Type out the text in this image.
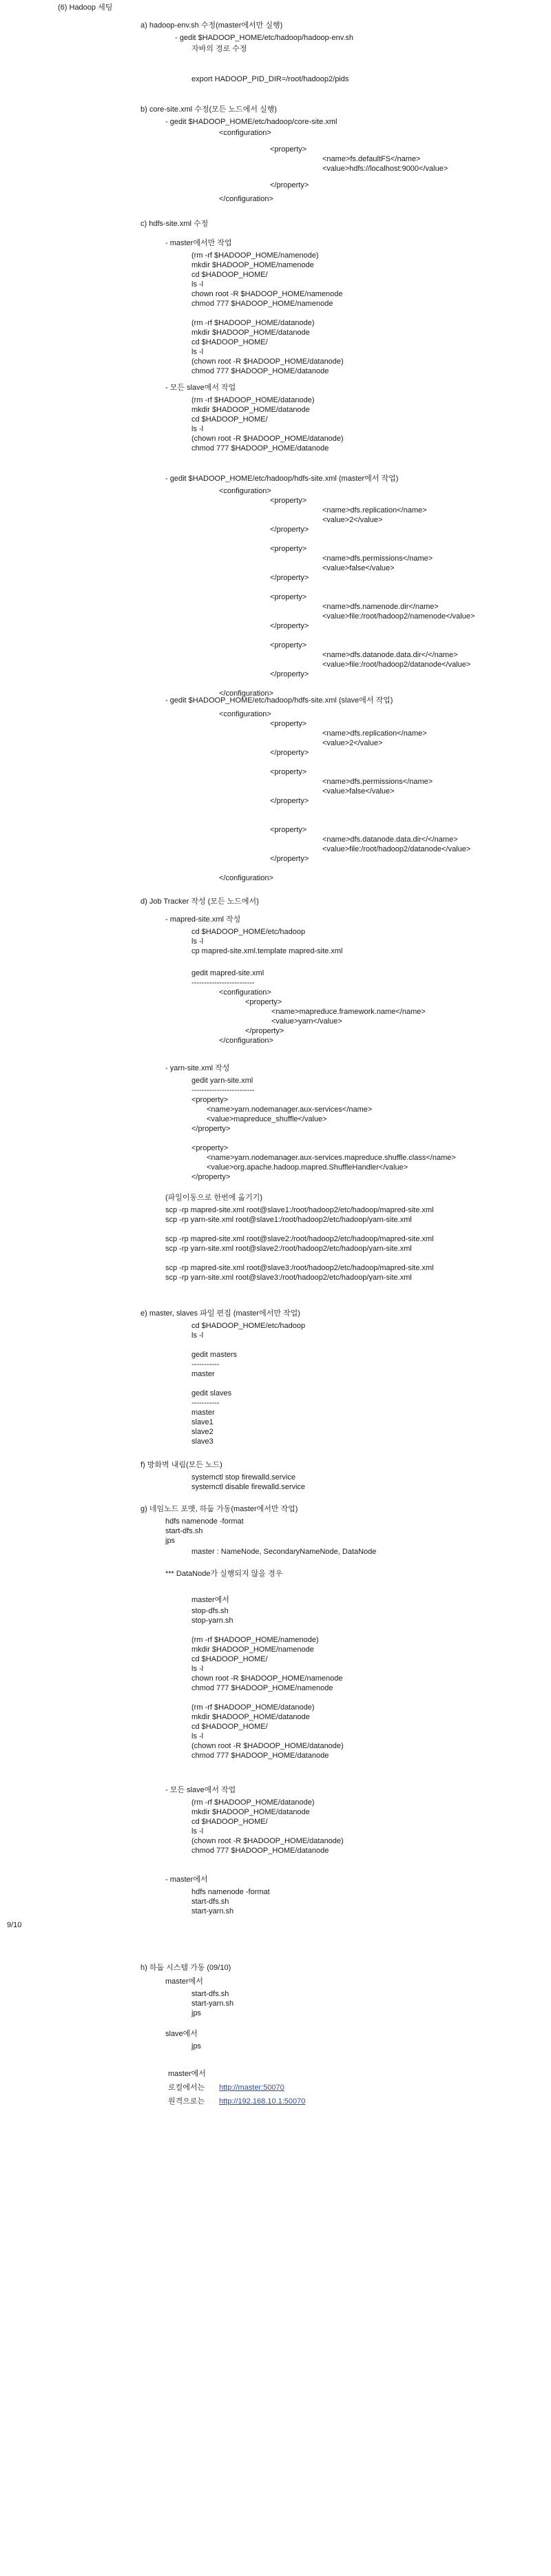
(6) Hadoop 세팅
a) hadoop-env.sh 수정(master에서만 실행)
- gedit $HADOOP_HOME/etc/hadoop/hadoop-env.sh
자바의 경로 수정
export HADOOP_PID_DIR=/root/hadoop2/pids
b) core-site.xml 수정(모든 노드에서 실행)
- gedit $HADOOP_HOME/etc/hadoop/core-site.xml
<configuration>
<property>
<name>fs.defaultFS</name>
<value>hdfs://localhost:9000</value>
</property>
</configuration>
c) hdfs-site.xml 수정
- master에서만 작업
(rm -rf $HADOOP_HOME/namenode)
mkdir $HADOOP_HOME/namenode
cd $HADOOP_HOME/
ls -l
chown root -R $HADOOP_HOME/namenode
chmod 777 $HADOOP_HOME/namenode
(rm -rf $HADOOP_HOME/datanode)
mkdir $HADOOP_HOME/datanode
cd $HADOOP_HOME/
ls -l
(chown root -R $HADOOP_HOME/datanode)
chmod 777 $HADOOP_HOME/datanode
- 모든 slave에서 작업
(rm -rf $HADOOP_HOME/datanode)
mkdir $HADOOP_HOME/datanode
cd $HADOOP_HOME/
ls -l
(chown root -R $HADOOP_HOME/datanode)
chmod 777 $HADOOP_HOME/datanode
- gedit $HADOOP_HOME/etc/hadoop/hdfs-site.xml (master에서 작업)
<configuration>
<property>
<name>dfs.replication</name>
<value>2</value>
</property>
<property>
<name>dfs.permissions</name>
<value>false</value>
</property>
<property>
<name>dfs.namenode.dir</name>
<value>file:/root/hadoop2/namenode</value>
</property>
<property>
<name>dfs.datanode.data.dir</</name>
<value>file:/root/hadoop2/datanode</value>
</property>
</configuration>
- gedit $HADOOP_HOME/etc/hadoop/hdfs-site.xml (slave에서 작업)
<configuration>
<property>
<name>dfs.replication</name>
<value>2</value>
</property>
<property>
<name>dfs.permissions</name>
<value>false</value>
</property>
<property>
<name>dfs.datanode.data.dir</</name>
<value>file:/root/hadoop2/datanode</value>
</property>
</configuration>
d) Job Tracker 작성 (모든 노드에서)
- mapred-site.xml 작성
cd $HADOOP_HOME/etc/hadoop
ls -l
cp mapred-site.xml.template mapred-site.xml
gedit mapred-site.xml
-------------------------
<configuration>
<property>
<name>mapreduce.framework.name</name>
<value>yarn</value>
</property>
</configuration>
- yarn-site.xml 작성
gedit yarn-site.xml
-------------------------
<property>
<name>yarn.nodemanager.aux-services</name>
<value>mapreduce_shuffle</value>
</property>
<property>
<name>yarn.nodemanager.aux-services.mapreduce.shuffle.class</name>
<value>org.apache.hadoop.mapred.ShuffleHandler</value>
</property>
(파일이동으로 한번에 옮기기)
scp -rp mapred-site.xml root@slave1:/root/hadoop2/etc/hadoop/mapred-site.xml
scp -rp yarn-site.xml root@slave1:/root/hadoop2/etc/hadoop/yarn-site.xml
scp -rp mapred-site.xml root@slave2:/root/hadoop2/etc/hadoop/mapred-site.xml
scp -rp yarn-site.xml root@slave2:/root/hadoop2/etc/hadoop/yarn-site.xml
scp -rp mapred-site.xml root@slave3:/root/hadoop2/etc/hadoop/mapred-site.xml
scp -rp yarn-site.xml root@slave3:/root/hadoop2/etc/hadoop/yarn-site.xml
e) master, slaves 파일 편집 (master에서만 작업)
cd $HADOOP_HOME/etc/hadoop
ls -l
gedit masters
-----------
master
gedit slaves
-----------
master
slave1
slave2
slave3
f) 방화벽 내림(모든 노드)
systemctl stop firewalld.service
systemctl disable firewalld.service
g) 네임노드 포맷, 하둡 가동(master에서만 작업)
hdfs namenode -format
start-dfs.sh
jps
master : NameNode, SecondaryNameNode, DataNode
*** DataNode가 실행되지 않을 경우
master에서
stop-dfs.sh
stop-yarn.sh
(rm -rf $HADOOP_HOME/namenode)
mkdir $HADOOP_HOME/namenode
cd $HADOOP_HOME/
ls -l
chown root -R $HADOOP_HOME/namenode
chmod 777 $HADOOP_HOME/namenode
(rm -rf $HADOOP_HOME/datanode)
mkdir $HADOOP_HOME/datanode
cd $HADOOP_HOME/
ls -l
(chown root -R $HADOOP_HOME/datanode)
chmod 777 $HADOOP_HOME/datanode
- 모든 slave에서 작업
(rm -rf $HADOOP_HOME/datanode)
mkdir $HADOOP_HOME/datanode
cd $HADOOP_HOME/
ls -l
(chown root -R $HADOOP_HOME/datanode)
chmod 777 $HADOOP_HOME/datanode
- master에서
hdfs namenode -format
start-dfs.sh
start-yarn.sh
9/10
h) 하둡 시스템 가동 (09/10)
master에서
start-dfs.sh
start-yarn.sh
jps
slave에서
jps
master에서
로컬에서는 http://master:50070
원격으로는 http://192.168.10.1:50070
